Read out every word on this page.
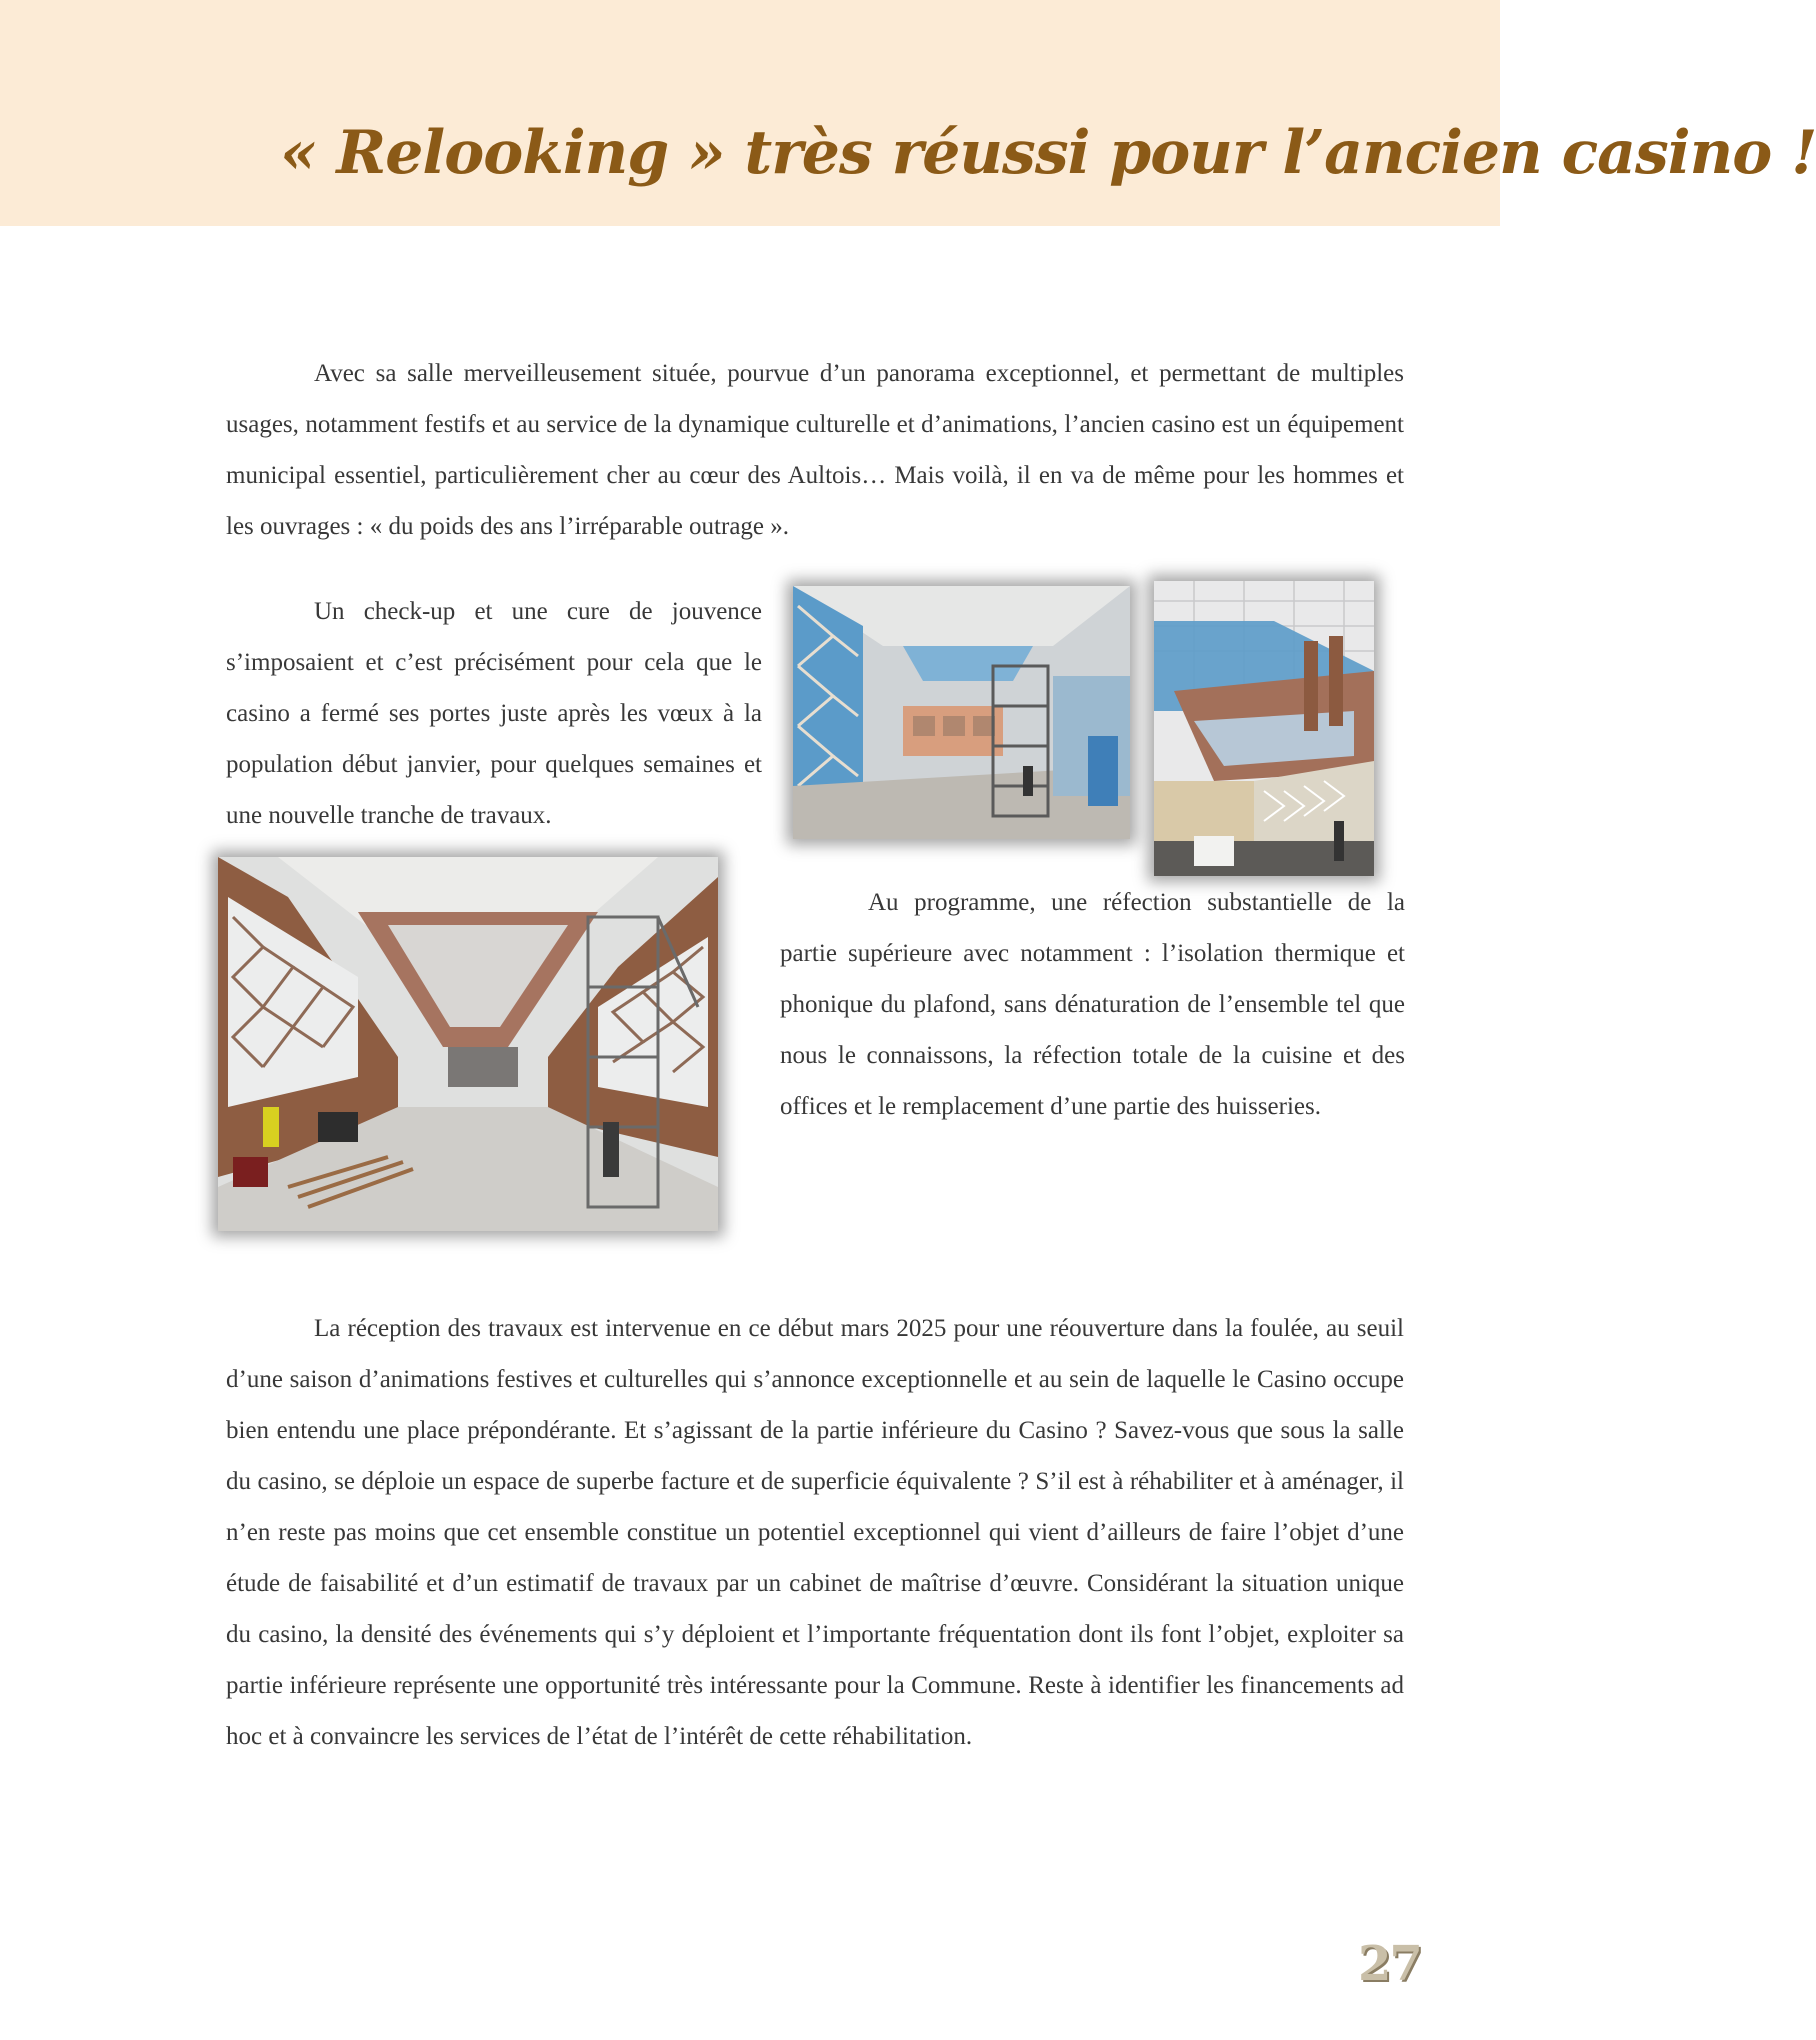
« Relooking » très réussi pour l’ancien casino !

Avec sa salle merveilleusement située, pourvue d’un panorama exceptionnel, et permettant de multiples usages, notamment festifs et au service de la dynamique culturelle et d’animations, l’ancien casino est un équipement municipal essentiel, particulièrement cher au cœur des Aultois… Mais voilà, il en va de même pour les hommes et les ouvrages : « du poids des ans l’irréparable outrage ».

Un check-up et une cure de jouvence s’imposaient et c’est précisément pour cela que le casino a fermé ses portes juste après les vœux à la population début janvier, pour quelques semaines et une nouvelle tranche de travaux.

Au programme, une réfection substantielle de la partie supérieure avec notamment : l’isolation thermique et phonique du plafond, sans dénaturation de l’ensemble tel que nous le connaissons, la réfection totale de la cuisine et des offices et le remplacement d’une partie des huisseries.

La réception des travaux est intervenue en ce début mars 2025 pour une réouverture dans la foulée, au seuil d’une saison d’animations festives et culturelles qui s’annonce exceptionnelle et au sein de laquelle le Casino occupe bien entendu une place prépondérante. Et s’agissant de la partie inférieure du Casino ? Savez-vous que sous la salle du casino, se déploie un espace de superbe facture et de superficie équivalente ? S’il est à réhabiliter et à aménager, il n’en reste pas moins que cet ensemble constitue un potentiel exceptionnel qui vient d’ailleurs de faire l’objet d’une étude de faisabilité et d’un estimatif de travaux par un cabinet de maîtrise d’œuvre. Considérant la situation unique du casino, la densité des événements qui s’y déploient et l’importante fréquentation dont ils font l’objet, exploiter sa partie inférieure représente une opportunité très intéressante pour la Commune. Reste à identifier les financements ad hoc et à convaincre les services de l’état de l’intérêt de cette réhabilitation.

27
